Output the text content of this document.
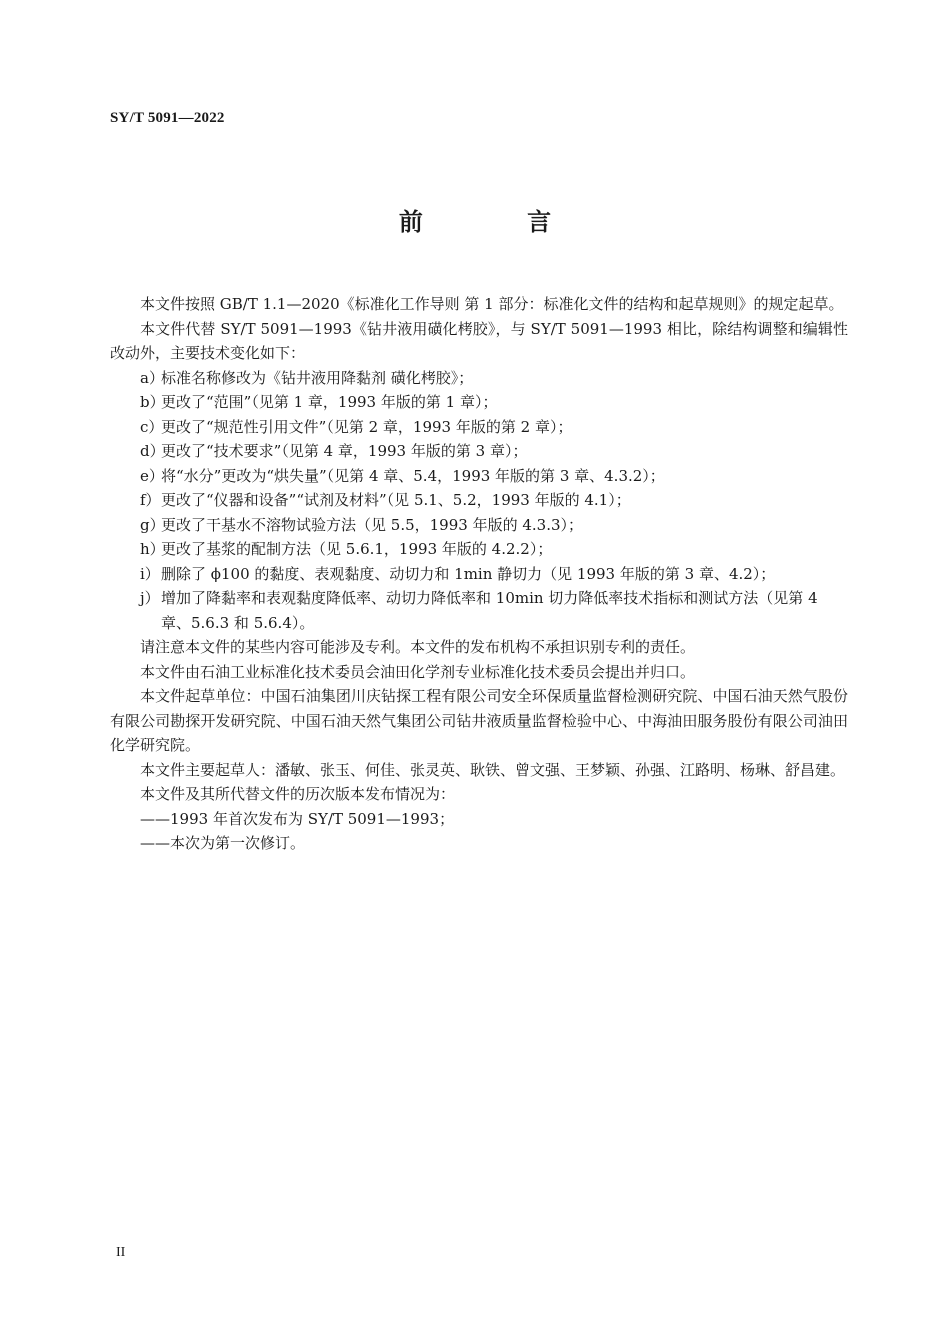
SY/T 5091—2022
前 言

本文件按照 GB/T 1.1—2020《标准化工作导则 第 1 部分：标准化文件的结构和起草规则》的规定起草。

本文件代替 SY/T 5091—1993《钻井液用磺化栲胶》，与 SY/T 5091—1993 相比，除结构调整和编辑性改动外，主要技术变化如下：

a）标准名称修改为《钻井液用降黏剂 磺化栲胶》；

b）更改了“范围”（见第 1 章，1993 年版的第 1 章）；

c）更改了“规范性引用文件”（见第 2 章，1993 年版的第 2 章）；

d）更改了“技术要求”（见第 4 章，1993 年版的第 3 章）；

e）将“水分”更改为“烘失量”（见第 4 章、5.4，1993 年版的第 3 章、4.3.2）；

f）更改了“仪器和设备”“试剂及材料”（见 5.1、5.2，1993 年版的 4.1）；

g）更改了干基水不溶物试验方法（见 5.5，1993 年版的 4.3.3）；

h）更改了基浆的配制方法（见 5.6.1，1993 年版的 4.2.2）；

i）删除了 ϕ100 的黏度、表观黏度、动切力和 1min 静切力（见 1993 年版的第 3 章、4.2）；

j）增加了降黏率和表观黏度降低率、动切力降低率和 10min 切力降低率技术指标和测试方法（见第 4 章、5.6.3 和 5.6.4）。

请注意本文件的某些内容可能涉及专利。本文件的发布机构不承担识别专利的责任。

本文件由石油工业标准化技术委员会油田化学剂专业标准化技术委员会提出并归口。

本文件起草单位：中国石油集团川庆钻探工程有限公司安全环保质量监督检测研究院、中国石油天然气股份有限公司勘探开发研究院、中国石油天然气集团公司钻井液质量监督检验中心、中海油田服务股份有限公司油田化学研究院。

本文件主要起草人：潘敏、张玉、何佳、张灵英、耿铁、曾文强、王梦颖、孙强、江路明、杨琳、舒昌建。

本文件及其所代替文件的历次版本发布情况为：

——1993 年首次发布为 SY/T 5091—1993；

——本次为第一次修订。

II
